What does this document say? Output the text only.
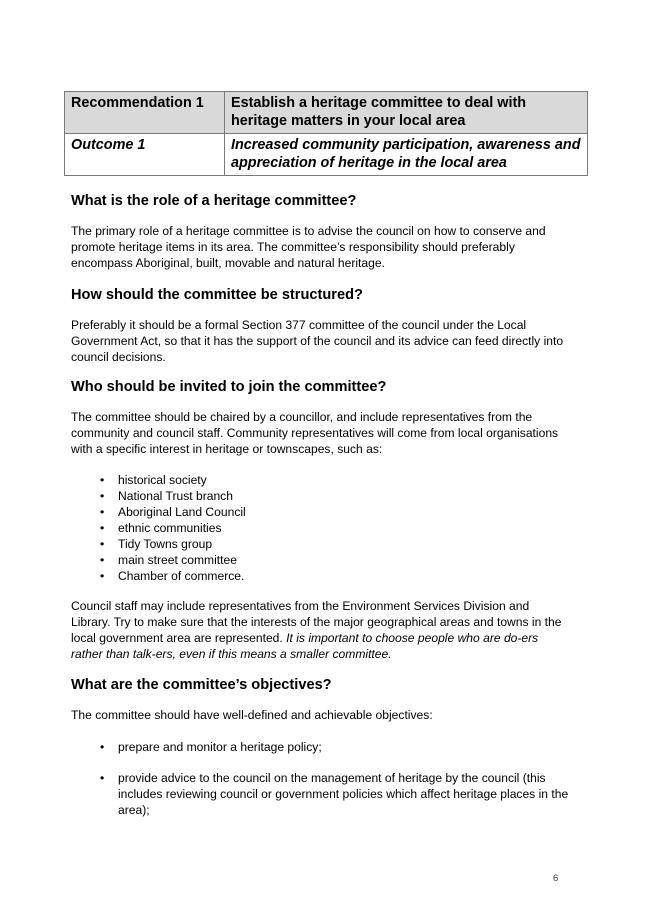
Recommendation 1	Establish a heritage committee to deal with heritage matters in your local area
Outcome 1	Increased community participation, awareness and appreciation of heritage in the local area
What is the role of a heritage committee?

The primary role of a heritage committee is to advise the council on how to conserve and promote heritage items in its area. The committee’s responsibility should preferably encompass Aboriginal, built, movable and natural heritage.

How should the committee be structured?

Preferably it should be a formal Section 377 committee of the council under the Local Government Act, so that it has the support of the council and its advice can feed directly into council decisions.

Who should be invited to join the committee?

The committee should be chaired by a councillor, and include representatives from the community and council staff. Community representatives will come from local organisations with a specific interest in heritage or townscapes, such as:

• historical society
• National Trust branch
• Aboriginal Land Council
• ethnic communities
• Tidy Towns group
• main street committee
• Chamber of commerce.

Council staff may include representatives from the Environment Services Division and Library. Try to make sure that the interests of the major geographical areas and towns in the local government area are represented. It is important to choose people who are do-ers rather than talk-ers, even if this means a smaller committee.

What are the committee’s objectives?

The committee should have well-defined and achievable objectives:

• prepare and monitor a heritage policy;
• provide advice to the council on the management of heritage by the council (this includes reviewing council or government policies which affect heritage places in the area);
6
